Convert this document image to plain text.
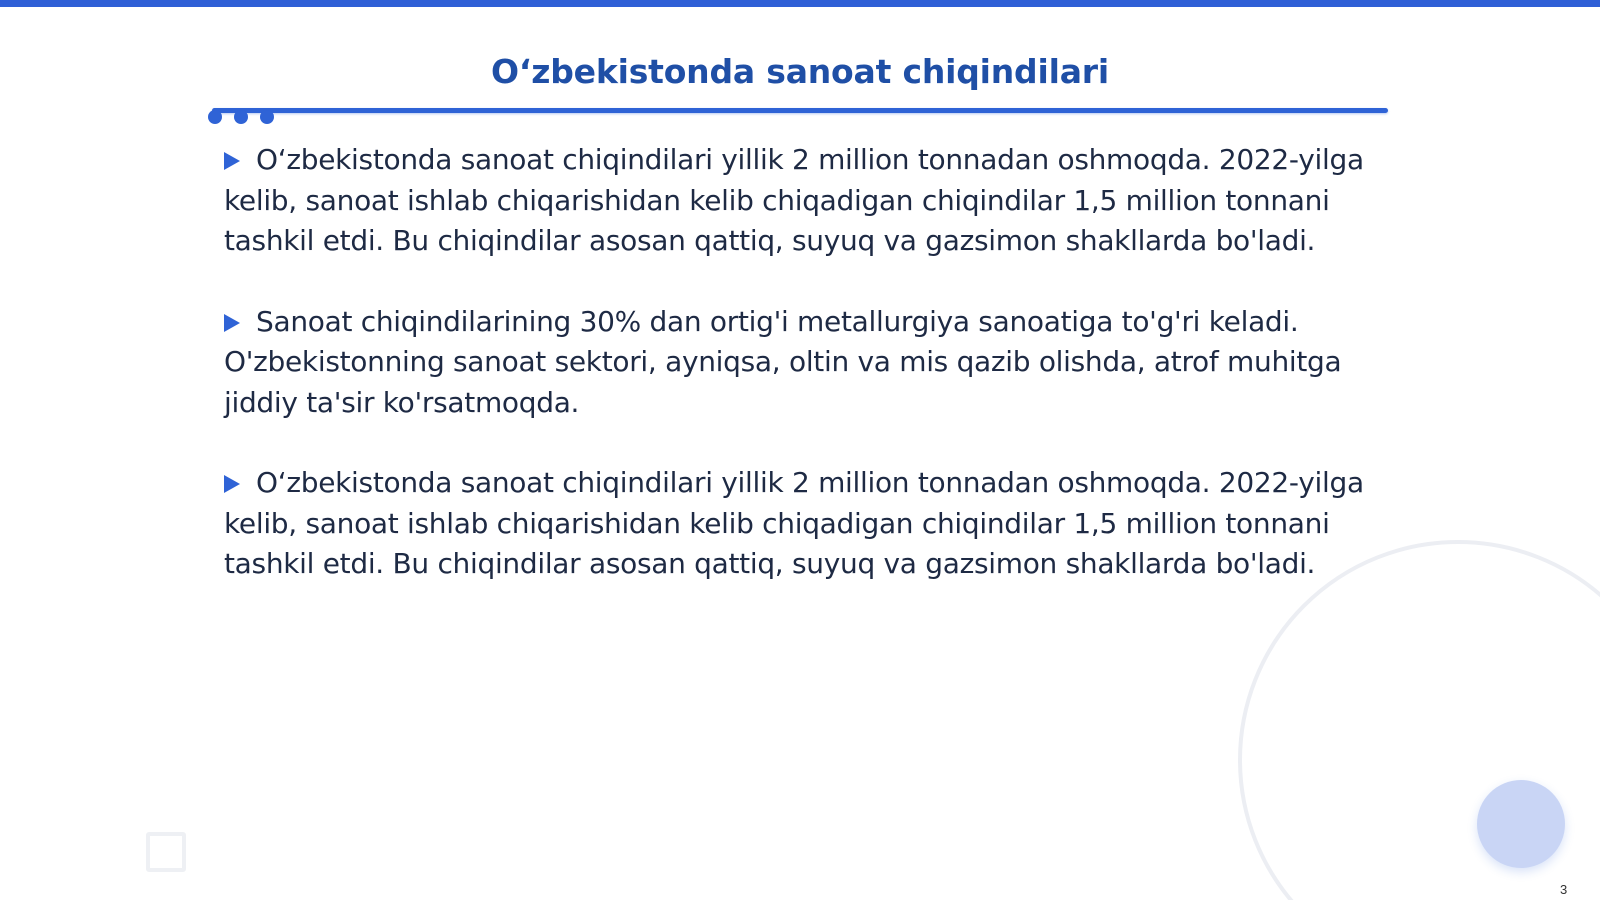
O‘zbekistonda sanoat chiqindilari

O‘zbekistonda sanoat chiqindilari yillik 2 million tonnadan oshmoqda. 2022-yilga kelib, sanoat ishlab chiqarishidan kelib chiqadigan chiqindilar 1,5 million tonnani tashkil etdi. Bu chiqindilar asosan qattiq, suyuq va gazsimon shakllarda bo'ladi.

Sanoat chiqindilarining 30% dan ortig'i metallurgiya sanoatiga to'g'ri keladi. O'zbekistonning sanoat sektori, ayniqsa, oltin va mis qazib olishda, atrof muhitga jiddiy ta'sir ko'rsatmoqda.

O‘zbekistonda sanoat chiqindilari yillik 2 million tonnadan oshmoqda. 2022-yilga kelib, sanoat ishlab chiqarishidan kelib chiqadigan chiqindilar 1,5 million tonnani tashkil etdi. Bu chiqindilar asosan qattiq, suyuq va gazsimon shakllarda bo'ladi.

3
